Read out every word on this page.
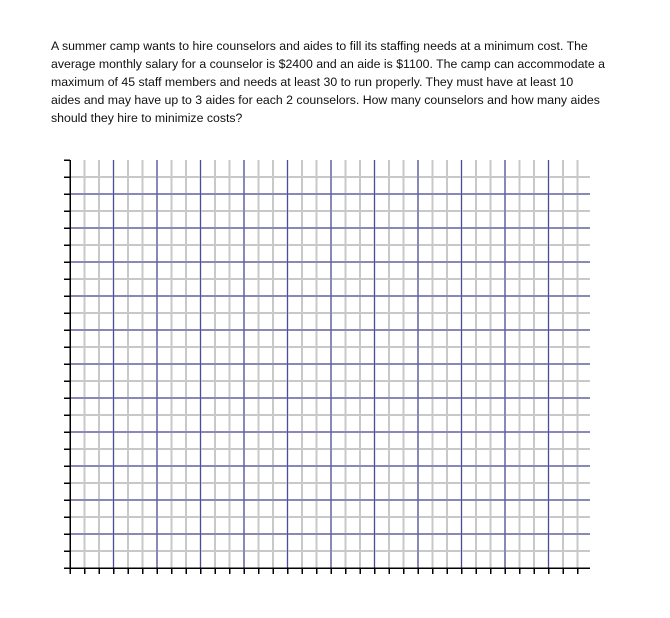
A summer camp wants to hire counselors and aides to fill its staffing needs at a minimum cost. The
average monthly salary for a counselor is $2400 and an aide is $1100. The camp can accommodate a
maximum of 45 staff members and needs at least 30 to run properly. They must have at least 10
aides and may have up to 3 aides for each 2 counselors. How many counselors and how many aides
should they hire to minimize costs?
